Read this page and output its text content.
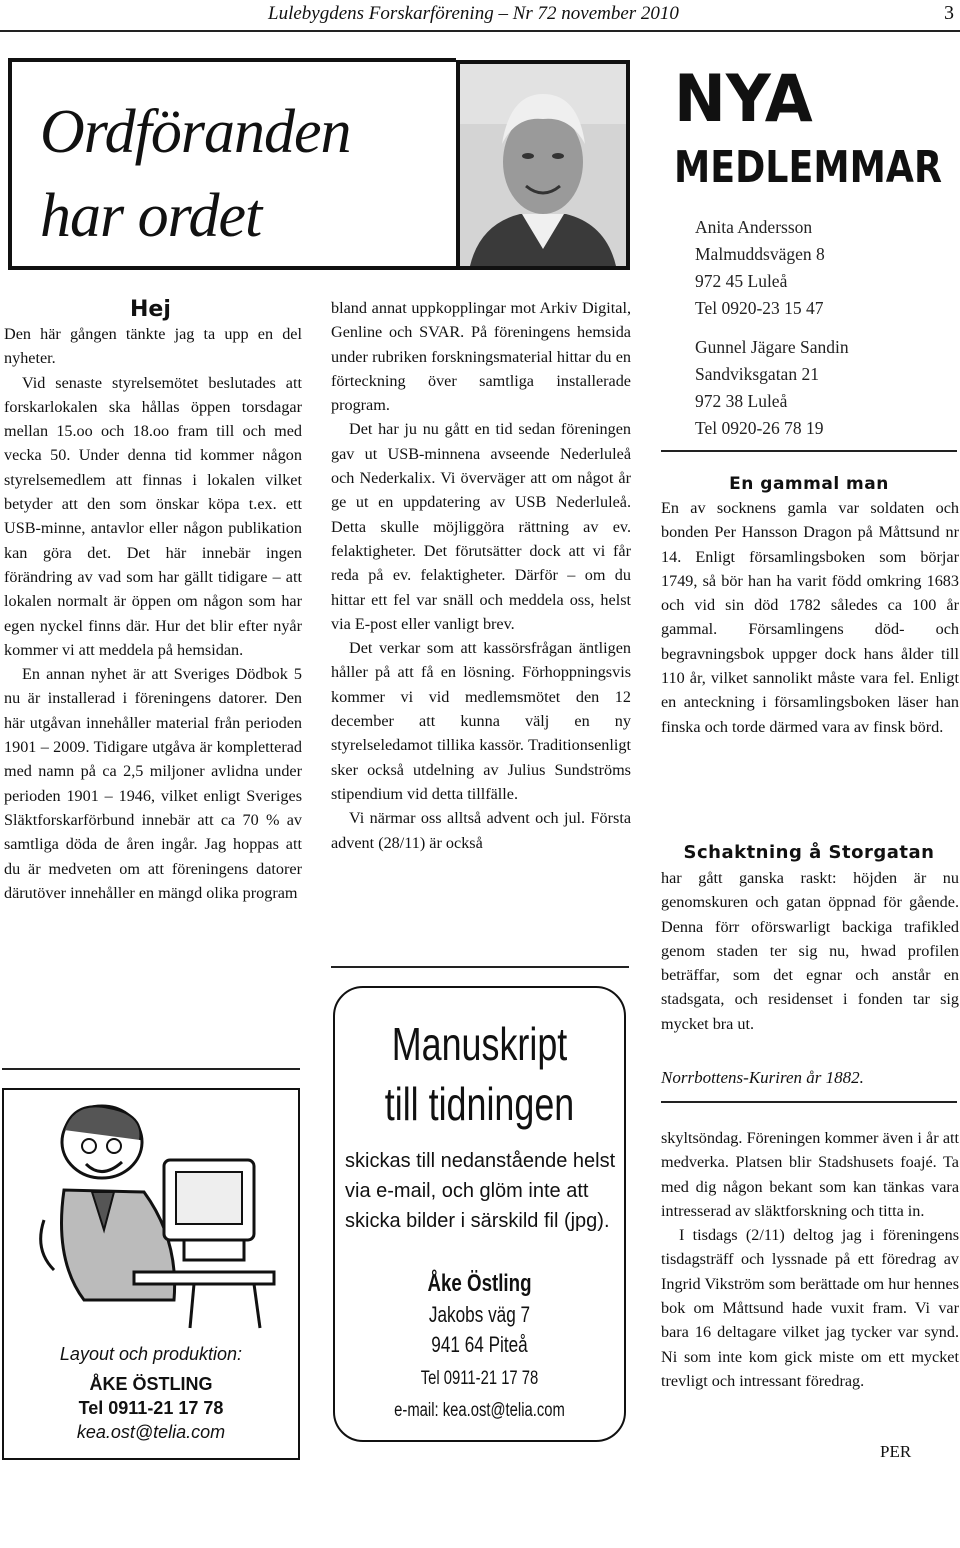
Lulebygdens Forskarförening – Nr 72 november 2010	3
Ordföranden
har ordet
Hej

Den här gången tänkte jag ta upp en del nyheter.

Vid senaste styrelsemötet beslutades att forskarlokalen ska hållas öppen torsdagar mellan 15.oo och 18.oo fram till och med vecka 50. Under denna tid kommer någon styrelsemedlem att finnas i lokalen vilket betyder att den som önskar köpa t.ex. ett USB-minne, antavlor eller någon publikation kan göra det. Det här innebär ingen förändring av vad som har gällt tidigare – att lokalen normalt är öppen om någon som har egen nyckel finns där. Hur det blir efter nyår kommer vi att meddela på hemsidan.

En annan nyhet är att Sveriges Dödbok 5 nu är installerad i föreningens datorer. Den här utgåvan innehåller material från perioden 1901 – 2009. Tidigare utgåva är kompletterad med namn på ca 2,5 miljoner avlidna under perioden 1901 – 1946, vilket enligt Sveriges Släktforskarförbund innebär att ca 70 % av samtliga döda de åren ingår. Jag hoppas att du är medveten om att föreningens datorer därutöver innehåller en mängd olika program

Layout och produktion:
ÅKE ÖSTLING
Tel 0911-21 17 78
kea.ost@telia.com

bland annat uppkopplingar mot Arkiv Digital, Genline och SVAR. På föreningens hemsida under rubriken forskningsmaterial hittar du en förteckning över samtliga installerade program.

Det har ju nu gått en tid sedan föreningen gav ut USB-minnena avseende Nederluleå och Nederkalix. Vi överväger att om något år ge ut en uppdatering av USB Nederluleå. Detta skulle möjliggöra rättning av ev. felaktigheter. Det förutsätter dock att vi får reda på ev. felaktigheter. Därför – om du hittar ett fel var snäll och meddela oss, helst via E-post eller vanligt brev.

Det verkar som att kassörsfrågan äntligen håller på att få en lösning. Förhoppningsvis kommer vi vid medlemsmötet den 12 december att kunna välj en ny styrelseledamot tillika kassör. Traditionsenligt sker också utdelning av Julius Sundströms stipendium vid detta tillfälle.

Vi närmar oss alltså advent och jul. Första advent (28/11) är också

Manuskript
till tidningen
skickas till nedanstående helst via e-mail, och glöm inte att skicka bilder i särskild fil (jpg).
Åke Östling
Jakobs väg 7
941 64 Piteå
Tel 0911-21 17 78
e-mail: kea.ost@telia.com
NYA
MEDLEMMAR
Anita Andersson
Malmuddsvägen 8
972 45 Luleå
Tel 0920-23 15 47
Gunnel Jägare Sandin
Sandviksgatan 21
972 38 Luleå
Tel 0920-26 78 19
En gammal man

En av socknens gamla var soldaten och bonden Per Hansson Dragon på Måttsund nr 14. Enligt församlingsboken som börjar 1749, så bör han ha varit född omkring 1683 och vid sin död 1782 således ca 100 år gammal. Församlingens död- och begravningsbok uppger dock hans ålder till 110 år, vilket sannolikt måste vara fel. Enligt en anteckning i församlingsboken läser han finska och torde därmed vara av finsk börd.

Schaktning å Storgatan

har gått ganska raskt: höjden är nu genomskuren och gatan öppnad för gående. Denna förr oförswarligt backiga trafikled genom staden ter sig nu, hwad profilen beträffar, som det egnar och anstår en stadsgata, och residenset i fonden tar sig mycket bra ut.

Norrbottens-Kuriren år 1882.

skyltsöndag. Föreningen kommer även i år att medverka. Platsen blir Stadshusets foajé. Ta med dig någon bekant som kan tänkas vara intresserad av släktforskning och titta in.

I tisdags (2/11) deltog jag i föreningens tisdagsträff och lyssnade på ett föredrag av Ingrid Vikström som berättade om hur hennes bok om Måttsund hade vuxit fram. Vi var bara 16 deltagare vilket jag tycker var synd. Ni som inte kom gick miste om ett mycket trevligt och intressant föredrag.

PER
